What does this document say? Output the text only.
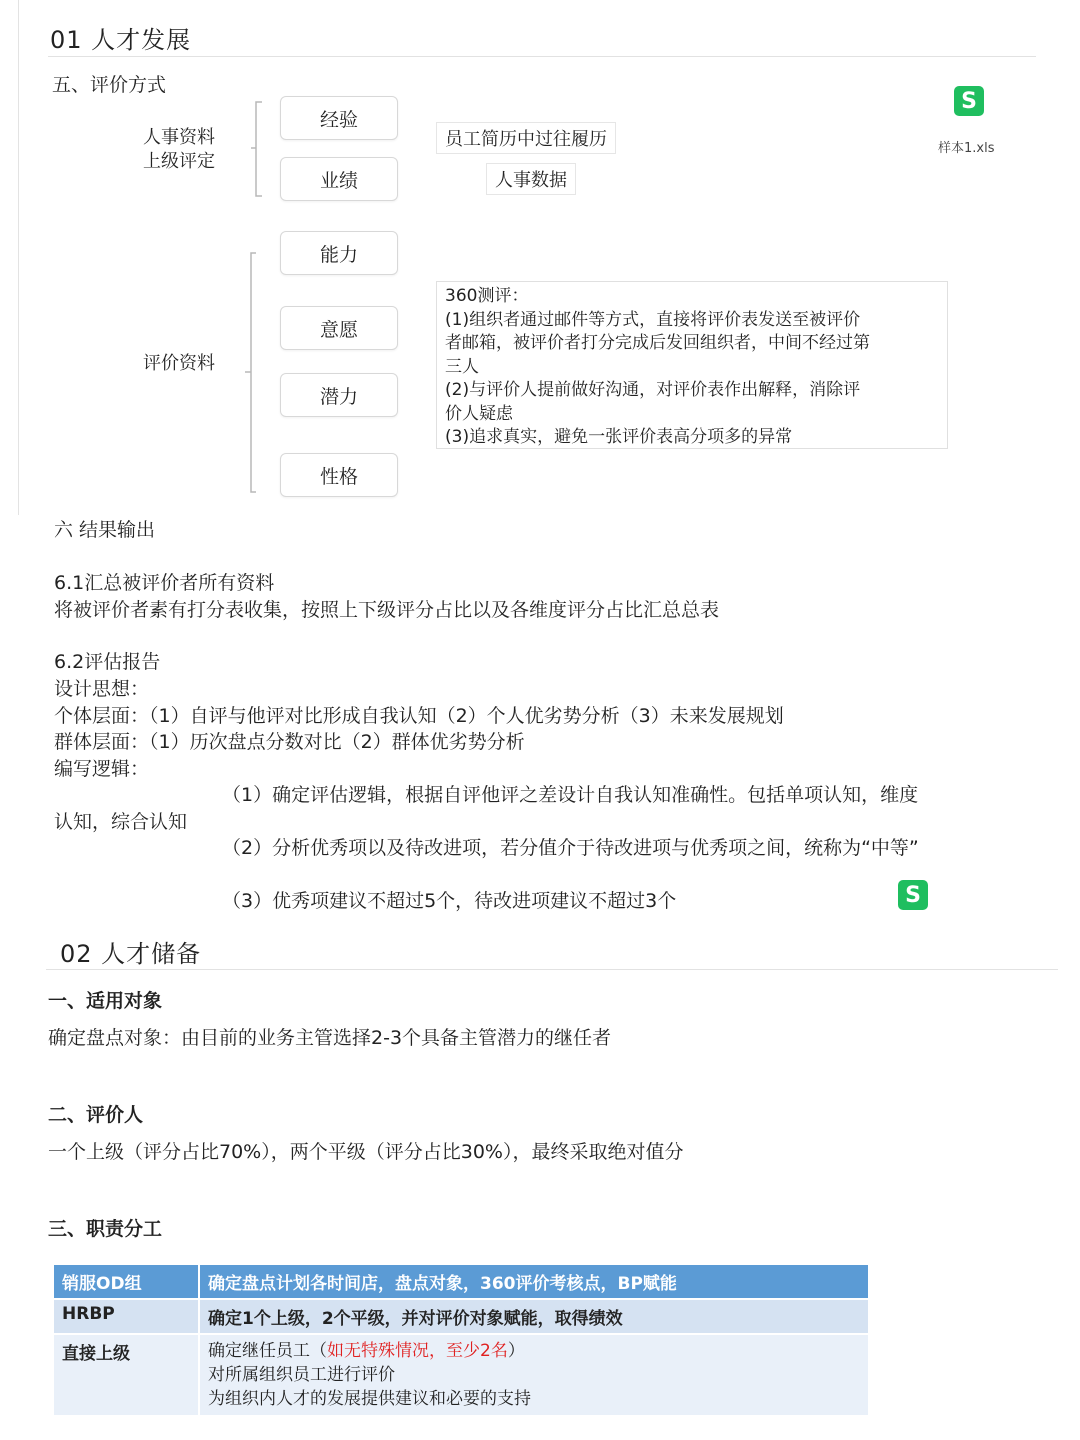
01 人才发展
五、评价方式
人事资料
上级评定
经验
业绩
员工简历中过往履历
人事数据
S
样本1.xls
评价资料
能力
意愿
潜力
性格
360测评：
(1)组织者通过邮件等方式，直接将评价表发送至被评价
者邮箱，被评价者打分完成后发回组织者，中间不经过第
三人
(2)与评价人提前做好沟通，对评价表作出解释，消除评
价人疑虑
(3)追求真实，避免一张评价表高分项多的异常
六 结果输出
6.1汇总被评价者所有资料
将被评价者素有打分表收集，按照上下级评分占比以及各维度评分占比汇总总表
6.2评估报告
设计思想：
个体层面：（1）自评与他评对比形成自我认知（2）个人优劣势分析（3）未来发展规划
群体层面：（1）历次盘点分数对比（2）群体优劣势分析
编写逻辑：
（1）确定评估逻辑，根据自评他评之差设计自我认知准确性。包括单项认知，维度
认知，综合认知
（2）分析优秀项以及待改进项，若分值介于待改进项与优秀项之间，统称为“中等”
（3）优秀项建议不超过5个，待改进项建议不超过3个	S
02 人才储备
一、适用对象
确定盘点对象：由目前的业务主管选择2-3个具备主管潜力的继任者
二、评价人
一个上级（评分占比70%），两个平级（评分占比30%），最终采取绝对值分
三、职责分工
销服OD组	确定盘点计划各时间店，盘点对象，360评价考核点，BP赋能
HRBP	确定1个上级，2个平级，并对评价对象赋能，取得绩效
直接上级	确定继任员工（如无特殊情况，至少2名）
对所属组织员工进行评价
为组织内人才的发展提供建议和必要的支持
